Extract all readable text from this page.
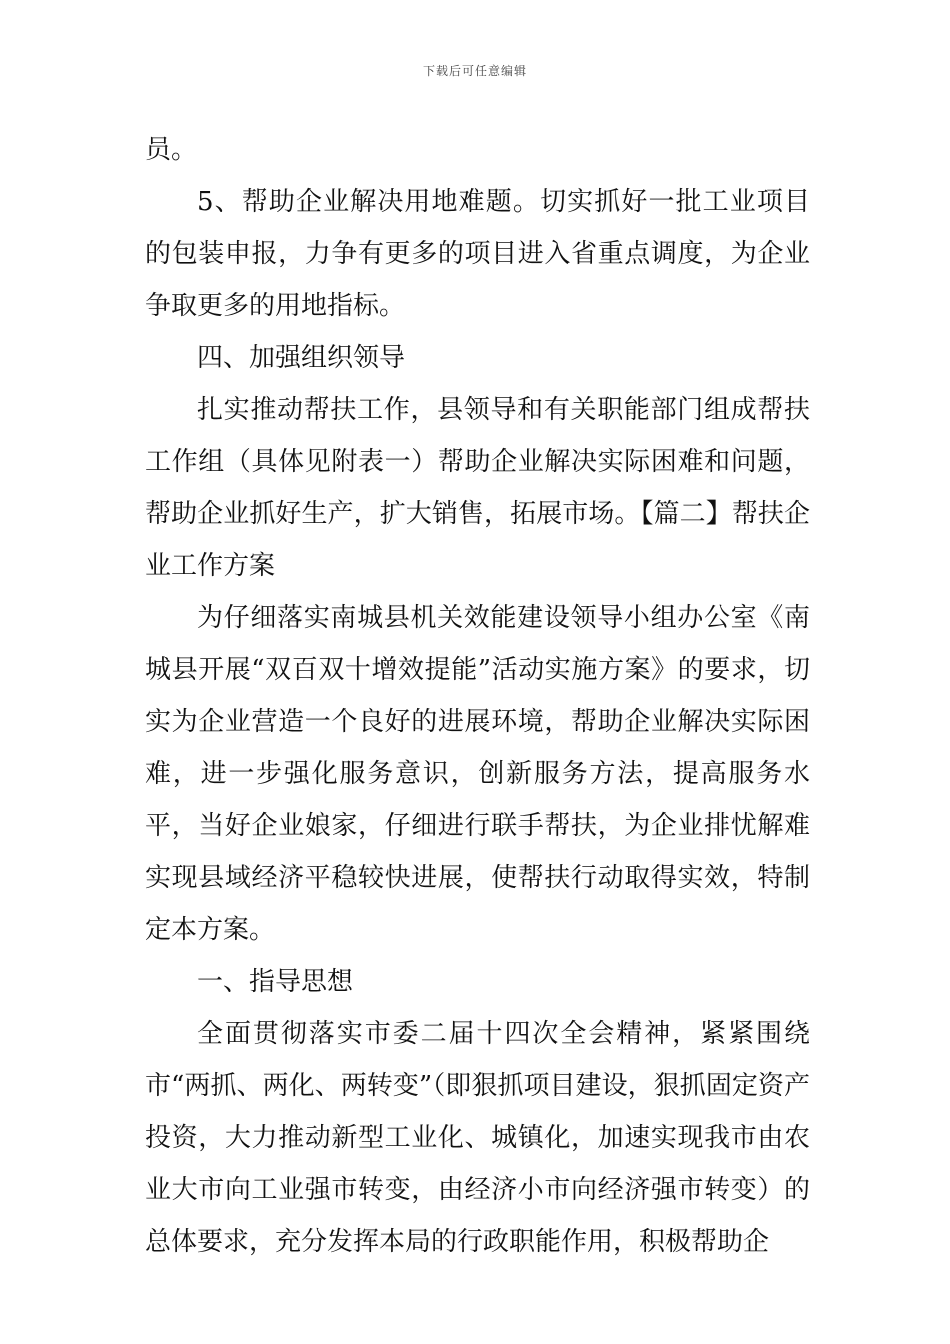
下载后可任意编辑

员。

5、帮助企业解决用地难题。切实抓好一批工业项目的包装申报，力争有更多的项目进入省重点调度，为企业争取更多的用地指标。

四、加强组织领导

扎实推动帮扶工作，县领导和有关职能部门组成帮扶工作组（具体见附表一）帮助企业解决实际困难和问题，帮助企业抓好生产，扩大销售，拓展市场。【篇二】帮扶企业工作方案

为仔细落实南城县机关效能建设领导小组办公室《南城县开展“双百双十增效提能”活动实施方案》的要求，切实为企业营造一个良好的进展环境，帮助企业解决实际困难，进一步强化服务意识，创新服务方法，提高服务水平，当好企业娘家，仔细进行联手帮扶，为企业排忧解难实现县域经济平稳较快进展，使帮扶行动取得实效，特制定本方案。

一、指导思想

全面贯彻落实市委二届十四次全会精神，紧紧围绕市“两抓、两化、两转变”（即狠抓项目建设，狠抓固定资产投资，大力推动新型工业化、城镇化，加速实现我市由农业大市向工业强市转变，由经济小市向经济强市转变）的总体要求，充分发挥本局的行政职能作用，积极帮助企
